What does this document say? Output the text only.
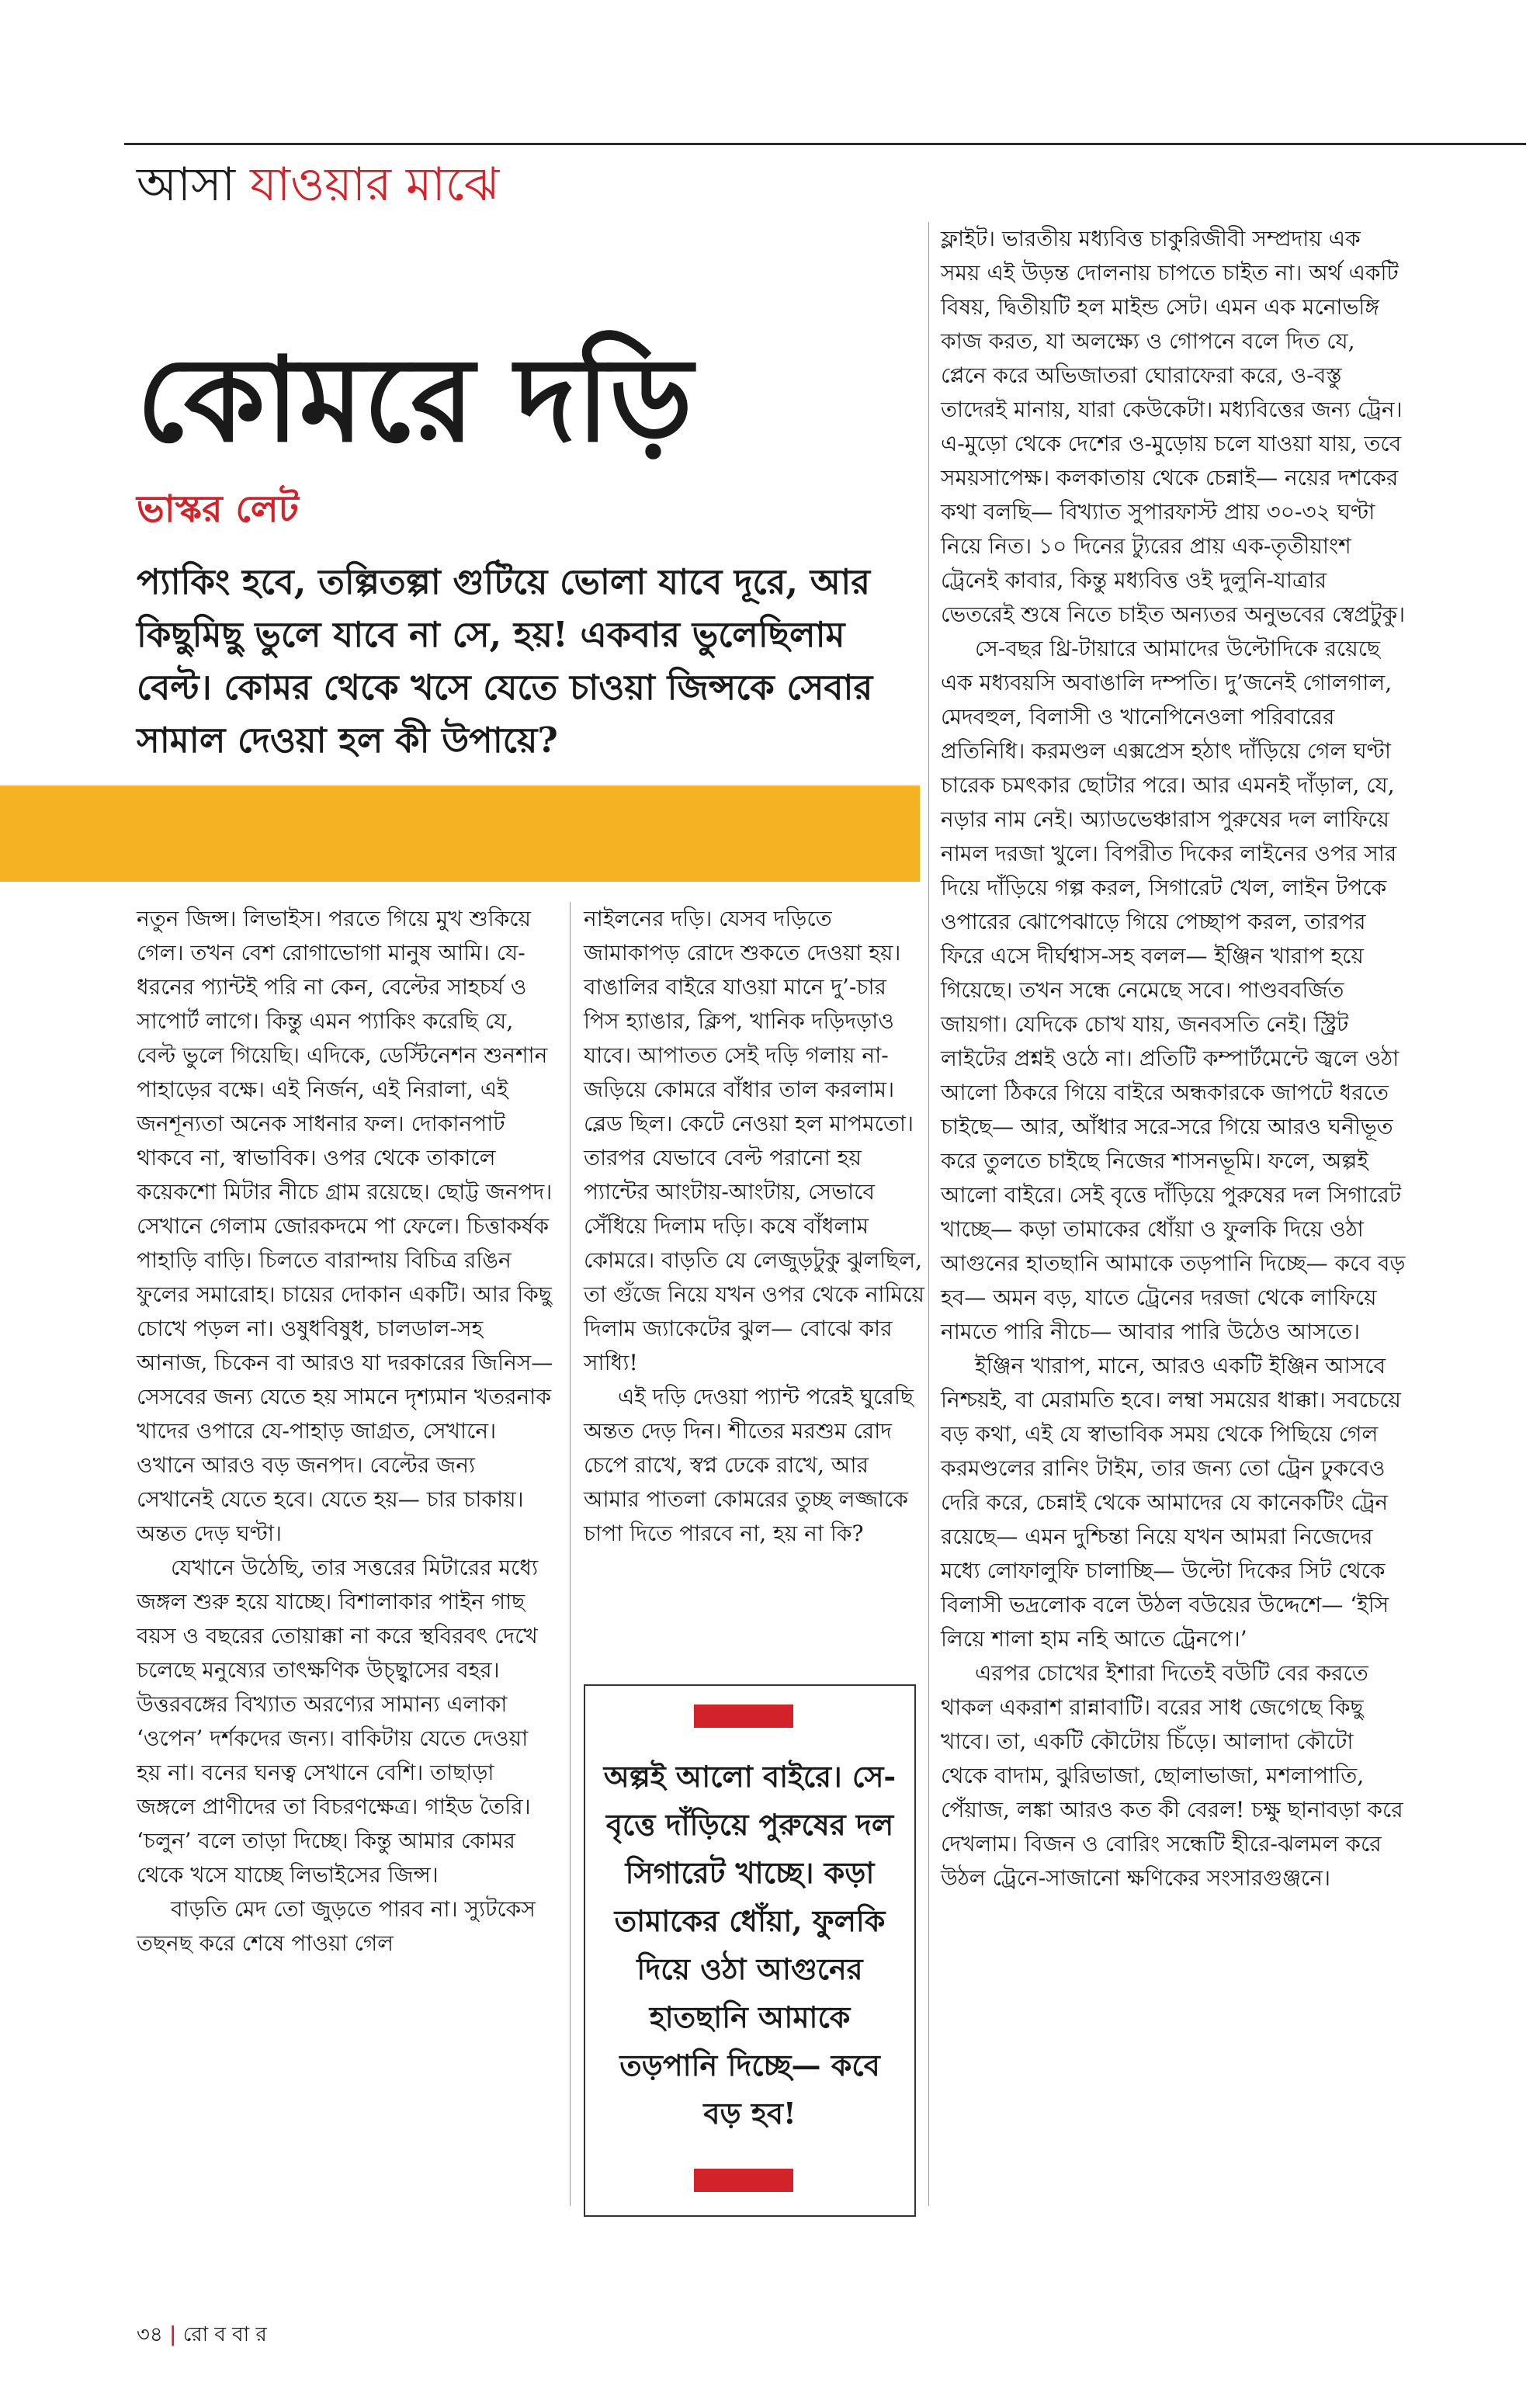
আসা যাওয়ার মাঝে
কোমরে দড়ি
ভাস্কর লেট

প্যাকিং হবে, তল্পিতল্পা গুটিয়ে ভোলা যাবে দূরে, আর কিছুমিছু ভুলে যাবে না সে, হয়! একবার ভুলেছিলাম বেল্ট। কোমর থেকে খসে যেতে চাওয়া জিন্সকে সেবার সামাল দেওয়া হল কী উপায়ে?

নতুন জিন্স। লিভাইস। পরতে গিয়ে মুখ শুকিয়ে গেল। তখন বেশ রোগাভোগা মানুষ আমি। যে-ধরনের প্যান্টই পরি না কেন, বেল্টের সাহচর্য ও সাপোর্ট লাগে। কিন্তু এমন প্যাকিং করেছি যে, বেল্ট ভুলে গিয়েছি। এদিকে, ডেস্টিনেশন শুনশান পাহাড়ের বক্ষে। এই নির্জন, এই নিরালা, এই জনশূন্যতা অনেক সাধনার ফল। দোকানপাট থাকবে না, স্বাভাবিক। ওপর থেকে তাকালে কয়েকশো মিটার নীচে গ্রাম রয়েছে। ছোট্ট জনপদ। সেখানে গেলাম জোরকদমে পা ফেলে। চিত্তাকর্ষক পাহাড়ি বাড়ি। চিলতে বারান্দায় বিচিত্র রঙিন ফুলের সমারোহ। চায়ের দোকান একটি। আর কিছু চোখে পড়ল না। ওষুধবিষুধ, চালডাল-সহ আনাজ, চিকেন বা আরও যা দরকারের জিনিস— সেসবের জন্য যেতে হয় সামনে দৃশ্যমান খতরনাক খাদের ওপারে যে-পাহাড় জাগ্রত, সেখানে। ওখানে আরও বড় জনপদ। বেল্টের জন্য সেখানেই যেতে হবে। যেতে হয়— চার চাকায়। অন্তত দেড় ঘণ্টা।

যেখানে উঠেছি, তার সত্তরের মিটারের মধ্যে জঙ্গল শুরু হয়ে যাচ্ছে। বিশালাকার পাইন গাছ বয়স ও বছরের তোয়াক্কা না করে স্থবিরবৎ দেখে চলেছে মনুষ্যের তাৎক্ষণিক উচ্ছ্বাসের বহর। উত্তরবঙ্গের বিখ্যাত অরণ্যের সামান্য এলাকা ‘ওপেন’ দর্শকদের জন্য। বাকিটায় যেতে দেওয়া হয় না। বনের ঘনত্ব সেখানে বেশি। তাছাড়া জঙ্গলে প্রাণীদের তা বিচরণক্ষেত্র। গাইড তৈরি। ‘চলুন’ বলে তাড়া দিচ্ছে। কিন্তু আমার কোমর থেকে খসে যাচ্ছে লিভাইসের জিন্স।

বাড়তি মেদ তো জুড়তে পারব না। স্যুটকেস তছনছ করে শেষে পাওয়া গেল

নাইলনের দড়ি। যেসব দড়িতে জামাকাপড় রোদে শুকতে দেওয়া হয়। বাঙালির বাইরে যাওয়া মানে দু’-চার পিস হ্যাঙার, ক্লিপ, খানিক দড়িদড়াও যাবে। আপাতত সেই দড়ি গলায় না-জড়িয়ে কোমরে বাঁধার তাল করলাম। ব্লেড ছিল। কেটে নেওয়া হল মাপমতো। তারপর যেভাবে বেল্ট পরানো হয় প্যান্টের আংটায়-আংটায়, সেভাবে সেঁধিয়ে দিলাম দড়ি। কষে বাঁধলাম কোমরে। বাড়তি যে লেজুড়টুকু ঝুলছিল, তা গুঁজে নিয়ে যখন ওপর থেকে নামিয়ে দিলাম জ্যাকেটের ঝুল— বোঝে কার সাধ্যি!

এই দড়ি দেওয়া প্যান্ট পরেই ঘুরেছি অন্তত দেড় দিন। শীতের মরশুম রোদ চেপে রাখে, স্বপ্ন ঢেকে রাখে, আর আমার পাতলা কোমরের তুচ্ছ লজ্জাকে চাপা দিতে পারবে না, হয় না কি?

অল্পই আলো বাইরে। সে-বৃত্তে দাঁড়িয়ে পুরুষের দল সিগারেট খাচ্ছে। কড়া তামাকের ধোঁয়া, ফুলকি দিয়ে ওঠা আগুনের হাতছানি আমাকে তড়পানি দিচ্ছে— কবে বড় হব!

ফ্লাইট। ভারতীয় মধ্যবিত্ত চাকুরিজীবী সম্প্রদায় এক সময় এই উড়ন্ত দোলনায় চাপতে চাইত না। অর্থ একটি বিষয়, দ্বিতীয়টি হল মাইন্ড সেট। এমন এক মনোভঙ্গি কাজ করত, যা অলক্ষ্যে ও গোপনে বলে দিত যে, প্লেনে করে অভিজাতরা ঘোরাফেরা করে, ও-বস্তু তাদেরই মানায়, যারা কেউকেটা। মধ্যবিত্তের জন্য ট্রেন। এ-মুড়ো থেকে দেশের ও-মুড়োয় চলে যাওয়া যায়, তবে সময়সাপেক্ষ। কলকাতায় থেকে চেন্নাই— নয়ের দশকের কথা বলছি— বিখ্যাত সুপারফাস্ট প্রায় ৩০-৩২ ঘণ্টা নিয়ে নিত। ১০ দিনের ট্যুরের প্রায় এক-তৃতীয়াংশ ট্রেনেই কাবার, কিন্তু মধ্যবিত্ত ওই দুলুনি-যাত্রার ভেতরেই শুষে নিতে চাইত অন্যতর অনুভবের স্বেপ্রটুকু।

সে-বছর থ্রি-টায়ারে আমাদের উল্টোদিকে রয়েছে এক মধ্যবয়সি অবাঙালি দম্পতি। দু’জনেই গোলগাল, মেদবহুল, বিলাসী ও খানেপিনেওলা পরিবারের প্রতিনিধি। করমণ্ডল এক্সপ্রেস হঠাৎ দাঁড়িয়ে গেল ঘণ্টা চারেক চমৎকার ছোটার পরে। আর এমনই দাঁড়াল, যে, নড়ার নাম নেই। অ্যাডভেঞ্চারাস পুরুষের দল লাফিয়ে নামল দরজা খুলে। বিপরীত দিকের লাইনের ওপর সার দিয়ে দাঁড়িয়ে গল্প করল, সিগারেট খেল, লাইন টপকে ওপারের ঝোপেঝাড়ে গিয়ে পেচ্ছাপ করল, তারপর ফিরে এসে দীর্ঘশ্বাস-সহ বলল— ইঞ্জিন খারাপ হয়ে গিয়েছে। তখন সন্ধে নেমেছে সবে। পাণ্ডববর্জিত জায়গা। যেদিকে চোখ যায়, জনবসতি নেই। স্ট্রিট লাইটের প্রশ্নই ওঠে না। প্রতিটি কম্পার্টমেন্টে জ্বলে ওঠা আলো ঠিকরে গিয়ে বাইরে অন্ধকারকে জাপটে ধরতে চাইছে— আর, আঁধার সরে-সরে গিয়ে আরও ঘনীভূত করে তুলতে চাইছে নিজের শাসনভূমি। ফলে, অল্পই আলো বাইরে। সেই বৃত্তে দাঁড়িয়ে পুরুষের দল সিগারেট খাচ্ছে— কড়া তামাকের ধোঁয়া ও ফুলকি দিয়ে ওঠা আগুনের হাতছানি আমাকে তড়পানি দিচ্ছে— কবে বড় হব— অমন বড়, যাতে ট্রেনের দরজা থেকে লাফিয়ে নামতে পারি নীচে— আবার পারি উঠেও আসতে।

ইঞ্জিন খারাপ, মানে, আরও একটি ইঞ্জিন আসবে নিশ্চয়ই, বা মেরামতি হবে। লম্বা সময়ের ধাক্কা। সবচেয়ে বড় কথা, এই যে স্বাভাবিক সময় থেকে পিছিয়ে গেল করমণ্ডলের রানিং টাইম, তার জন্য তো ট্রেন ঢুকবেও দেরি করে, চেন্নাই থেকে আমাদের যে কানেকটিং ট্রেন রয়েছে— এমন দুশ্চিন্তা নিয়ে যখন আমরা নিজেদের মধ্যে লোফালুফি চালাচ্ছি— উল্টো দিকের সিট থেকে বিলাসী ভদ্রলোক বলে উঠল বউয়ের উদ্দেশে— ‘ইসি লিয়ে শালা হাম নহি আতে ট্রেনপে।’

এরপর চোখের ইশারা দিতেই বউটি বের করতে থাকল একরাশ রান্নাবাটি। বরের সাধ জেগেছে কিছু খাবে। তা, একটি কৌটোয় চিঁড়ে। আলাদা কৌটো থেকে বাদাম, ঝুরিভাজা, ছোলাভাজা, মশলাপাতি, পেঁয়াজ, লঙ্কা আরও কত কী বেরল! চক্ষু ছানাবড়া করে দেখলাম। বিজন ও বোরিং সন্ধেটি হীরে-ঝলমল করে উঠল ট্রেনে-সাজানো ক্ষণিকের সংসারগুঞ্জনে।

৩৪ | রো ব বা র
